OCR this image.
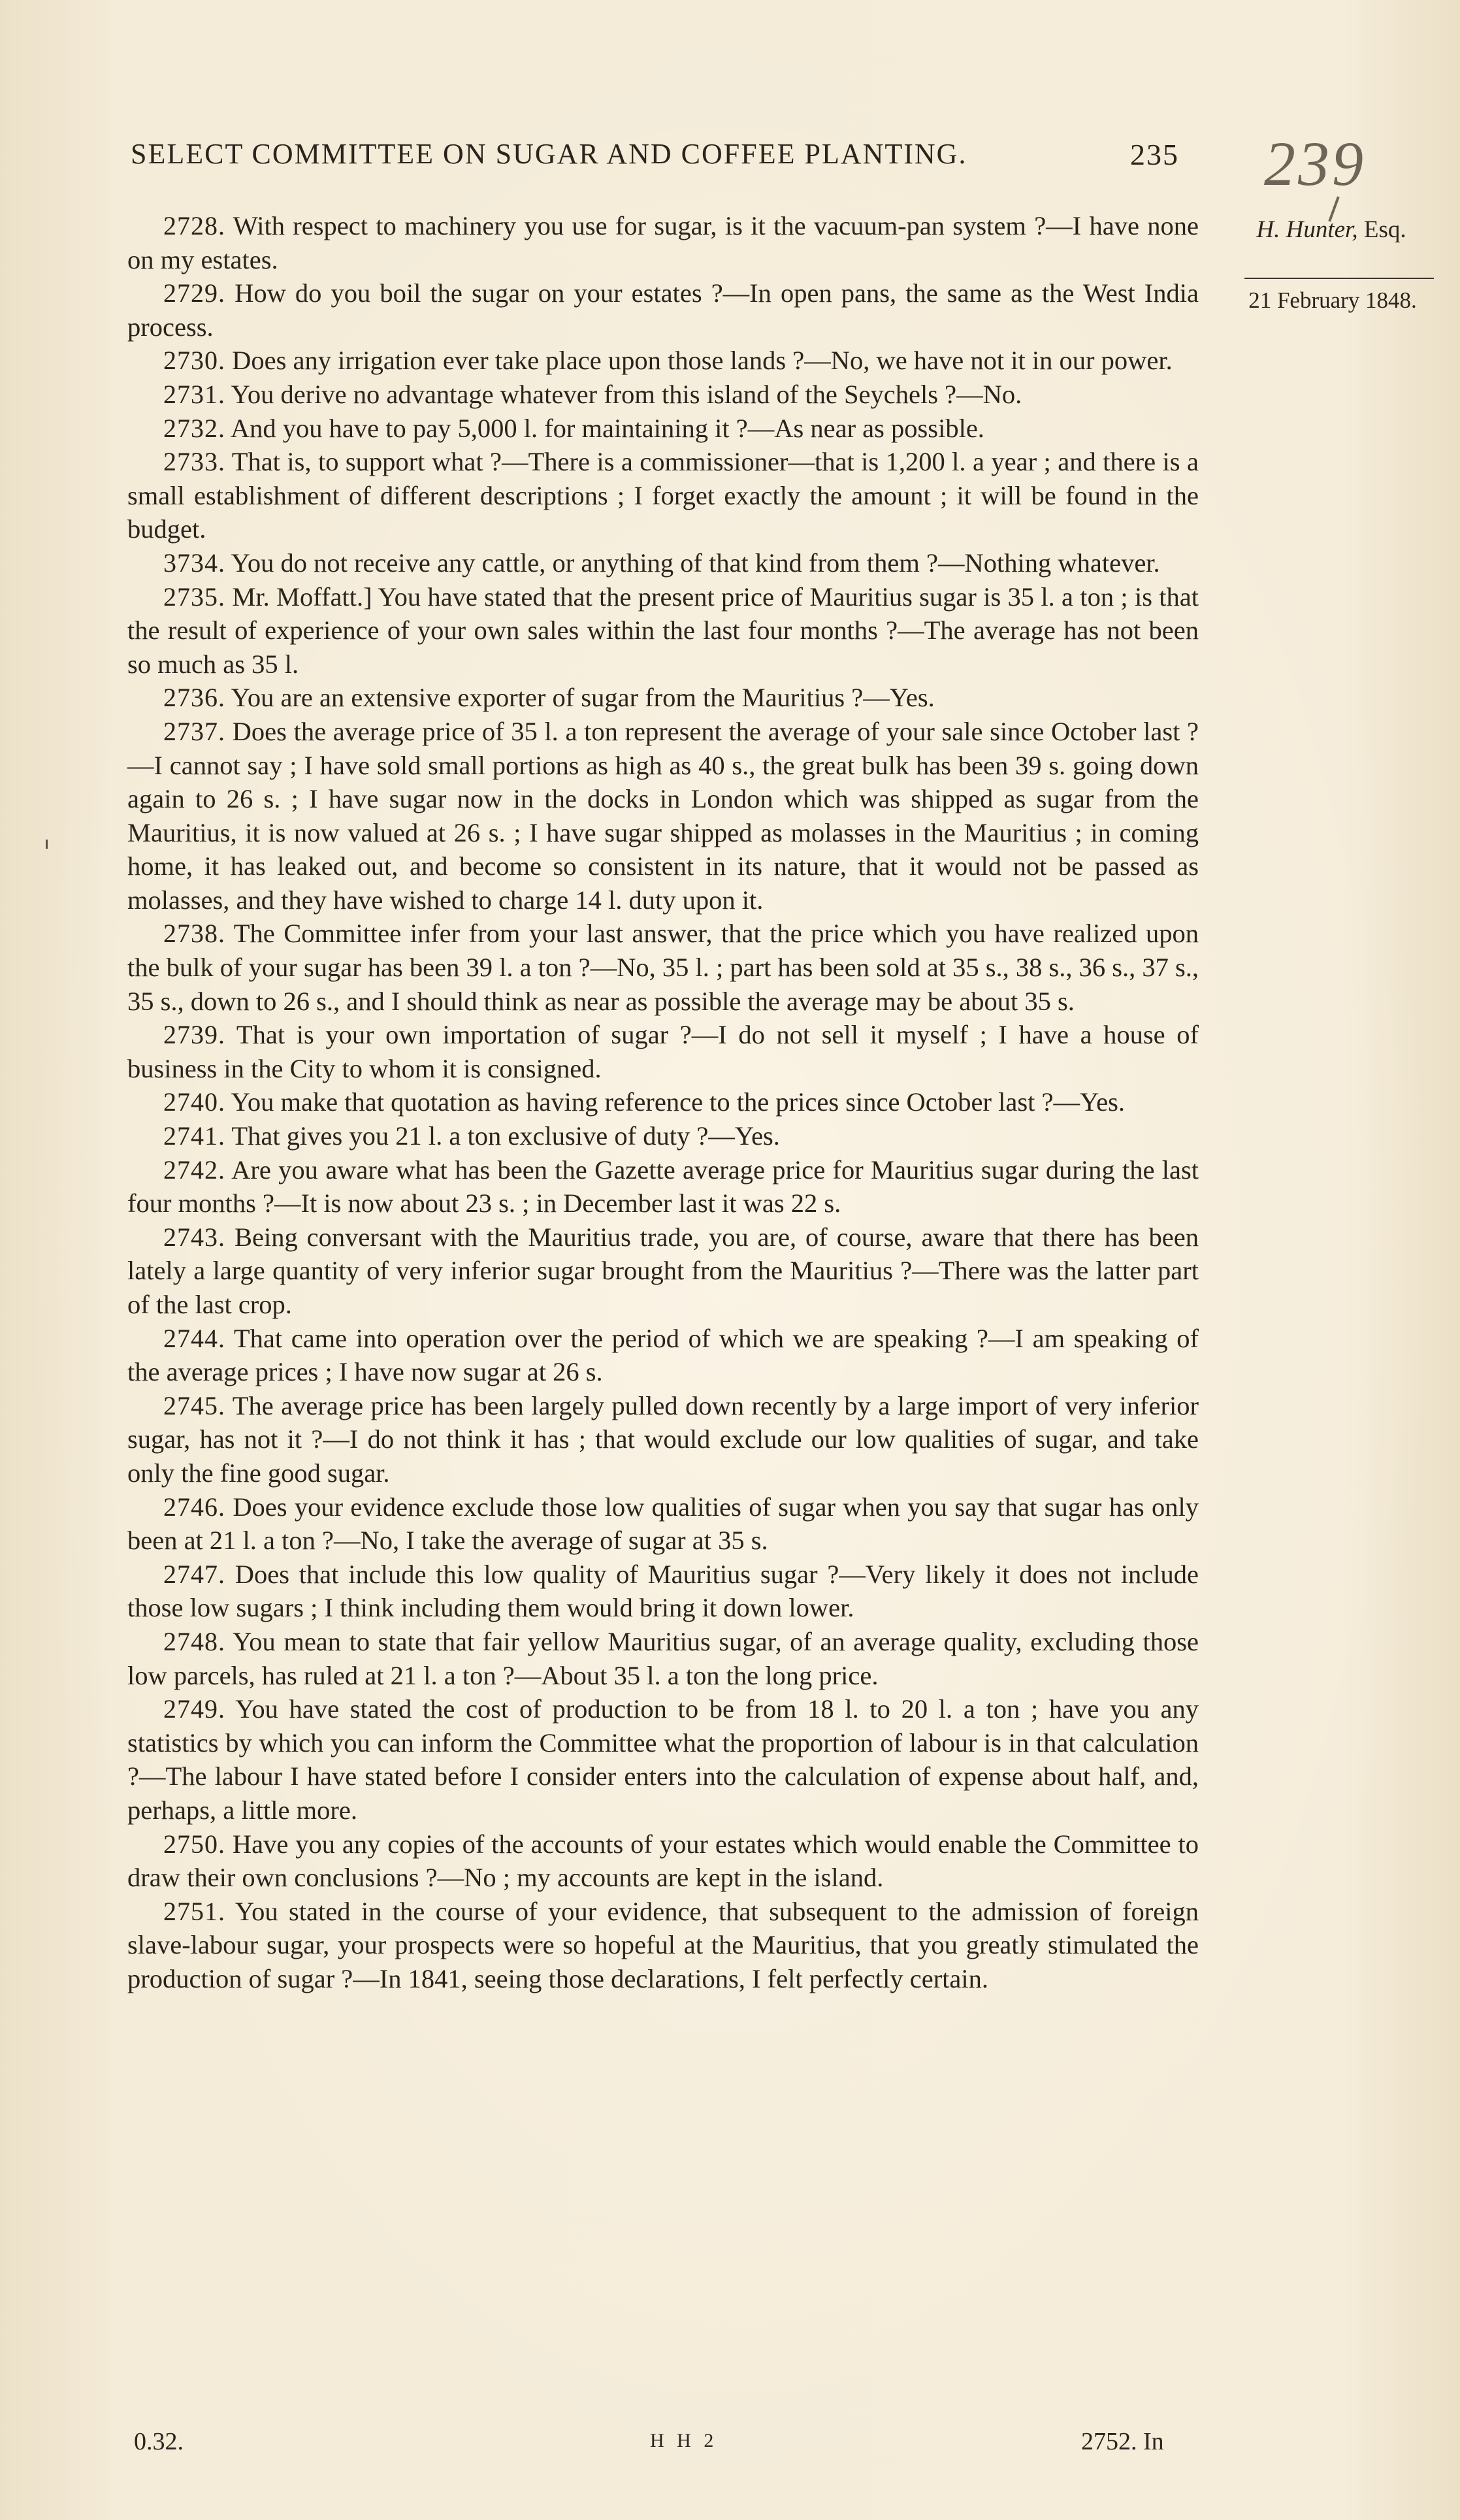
SELECT COMMITTEE ON SUGAR AND COFFEE PLANTING.	235 239
H. Hunter, Esq.
21 February 1848.

2728. With respect to machinery you use for sugar, is it the vacuum-pan system ?—I have none on my estates.

2729. How do you boil the sugar on your estates ?—In open pans, the same as the West India process.

2730. Does any irrigation ever take place upon those lands ?—No, we have not it in our power.

2731. You derive no advantage whatever from this island of the Seychels ?—No.

2732. And you have to pay 5,000 l. for maintaining it ?—As near as possible.

2733. That is, to support what ?—There is a commissioner—that is 1,200 l. a year ; and there is a small establishment of different descriptions ; I forget exactly the amount ; it will be found in the budget.

3734. You do not receive any cattle, or anything of that kind from them ?—Nothing whatever.

2735. Mr. Moffatt.] You have stated that the present price of Mauritius sugar is 35 l. a ton ; is that the result of experience of your own sales within the last four months ?—The average has not been so much as 35 l.

2736. You are an extensive exporter of sugar from the Mauritius ?—Yes.

2737. Does the average price of 35 l. a ton represent the average of your sale since October last ?—I cannot say ; I have sold small portions as high as 40 s., the great bulk has been 39 s. going down again to 26 s. ; I have sugar now in the docks in London which was shipped as sugar from the Mauritius, it is now valued at 26 s. ; I have sugar shipped as molasses in the Mauritius ; in coming home, it has leaked out, and become so consistent in its nature, that it would not be passed as molasses, and they have wished to charge 14 l. duty upon it.

2738. The Committee infer from your last answer, that the price which you have realized upon the bulk of your sugar has been 39 l. a ton ?—No, 35 l. ; part has been sold at 35 s., 38 s., 36 s., 37 s., 35 s., down to 26 s., and I should think as near as possible the average may be about 35 s.

2739. That is your own importation of sugar ?—I do not sell it myself ; I have a house of business in the City to whom it is consigned.

2740. You make that quotation as having reference to the prices since October last ?—Yes.

2741. That gives you 21 l. a ton exclusive of duty ?—Yes.

2742. Are you aware what has been the Gazette average price for Mauritius sugar during the last four months ?—It is now about 23 s. ; in December last it was 22 s.

2743. Being conversant with the Mauritius trade, you are, of course, aware that there has been lately a large quantity of very inferior sugar brought from the Mauritius ?—There was the latter part of the last crop.

2744. That came into operation over the period of which we are speaking ?—I am speaking of the average prices ; I have now sugar at 26 s.

2745. The average price has been largely pulled down recently by a large import of very inferior sugar, has not it ?—I do not think it has ; that would exclude our low qualities of sugar, and take only the fine good sugar.

2746. Does your evidence exclude those low qualities of sugar when you say that sugar has only been at 21 l. a ton ?—No, I take the average of sugar at 35 s.

2747. Does that include this low quality of Mauritius sugar ?—Very likely it does not include those low sugars ; I think including them would bring it down lower.

2748. You mean to state that fair yellow Mauritius sugar, of an average quality, excluding those low parcels, has ruled at 21 l. a ton ?—About 35 l. a ton the long price.

2749. You have stated the cost of production to be from 18 l. to 20 l. a ton ; have you any statistics by which you can inform the Committee what the proportion of labour is in that calculation ?—The labour I have stated before I consider enters into the calculation of expense about half, and, perhaps, a little more.

2750. Have you any copies of the accounts of your estates which would enable the Committee to draw their own conclusions ?—No ; my accounts are kept in the island.

2751. You stated in the course of your evidence, that subsequent to the admission of foreign slave-labour sugar, your prospects were so hopeful at the Mauritius, that you greatly stimulated the production of sugar ?—In 1841, seeing those declarations, I felt perfectly certain.

0.32.	H H 2	2752. In
